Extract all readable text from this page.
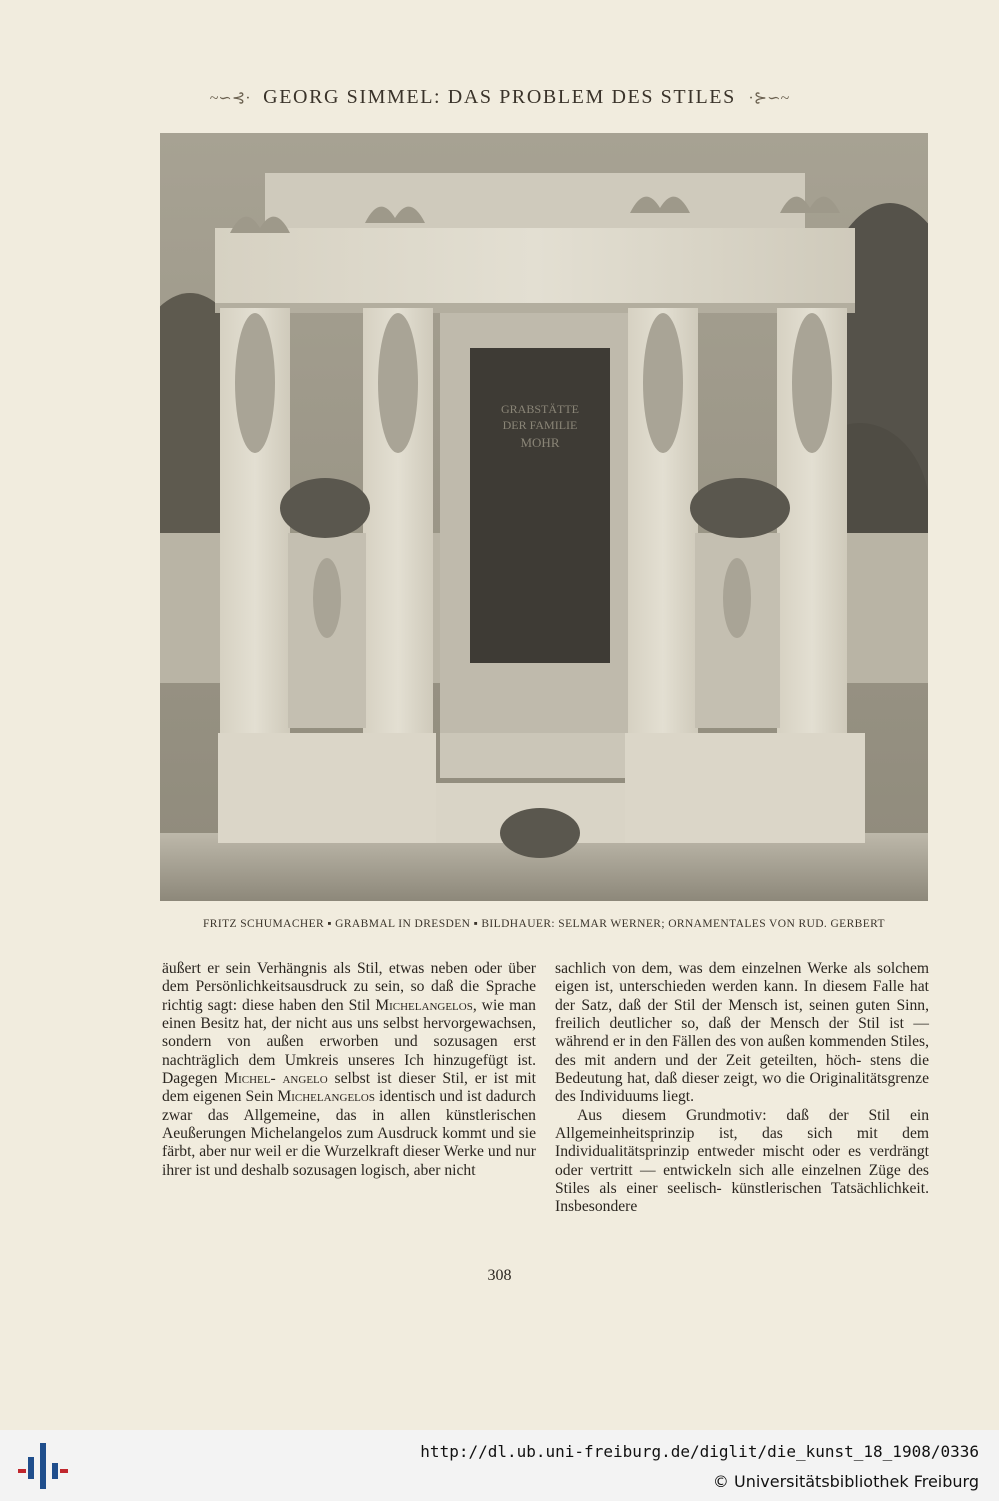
~∽⊰· GEORG SIMMEL: DAS PROBLEM DES STILES ·⊱∽~
GRABSTÄTTE
DER FAMILIE
MOHR
FRITZ SCHUMACHER ▪ GRABMAL IN DRESDEN ▪ BILDHAUER: SELMAR WERNER; ORNAMENTALES VON RUD. GERBERT

äußert er sein Verhängnis als Stil, etwas neben oder über dem Persönlichkeitsausdruck zu sein, so daß die Sprache richtig sagt: diese haben den Stil Michelangelos, wie man einen Besitz hat, der nicht aus uns selbst hervorgewachsen, sondern von außen erworben und sozusagen erst nachträglich dem Umkreis unseres Ich hinzugefügt ist. Dagegen Michel- angelo selbst ist dieser Stil, er ist mit dem eigenen Sein Michelangelos identisch und ist dadurch zwar das Allgemeine, das in allen künstlerischen Aeußerungen Michelangelos zum Ausdruck kommt und sie färbt, aber nur weil er die Wurzelkraft dieser Werke und nur ihrer ist und deshalb sozusagen logisch, aber nicht

sachlich von dem, was dem einzelnen Werke als solchem eigen ist, unterschieden werden kann. In diesem Falle hat der Satz, daß der Stil der Mensch ist, seinen guten Sinn, freilich deutlicher so, daß der Mensch der Stil ist — während er in den Fällen des von außen kommenden Stiles, des mit andern und der Zeit geteilten, höch- stens die Bedeutung hat, daß dieser zeigt, wo die Originalitätsgrenze des Individuums liegt.

Aus diesem Grundmotiv: daß der Stil ein Allgemeinheitsprinzip ist, das sich mit dem Individualitätsprinzip entweder mischt oder es verdrängt oder vertritt — entwickeln sich alle einzelnen Züge des Stiles als einer seelisch- künstlerischen Tatsächlichkeit. Insbesondere

308
http://dl.ub.uni-freiburg.de/diglit/die_kunst_18_1908/0336
© Universitätsbibliothek Freiburg
